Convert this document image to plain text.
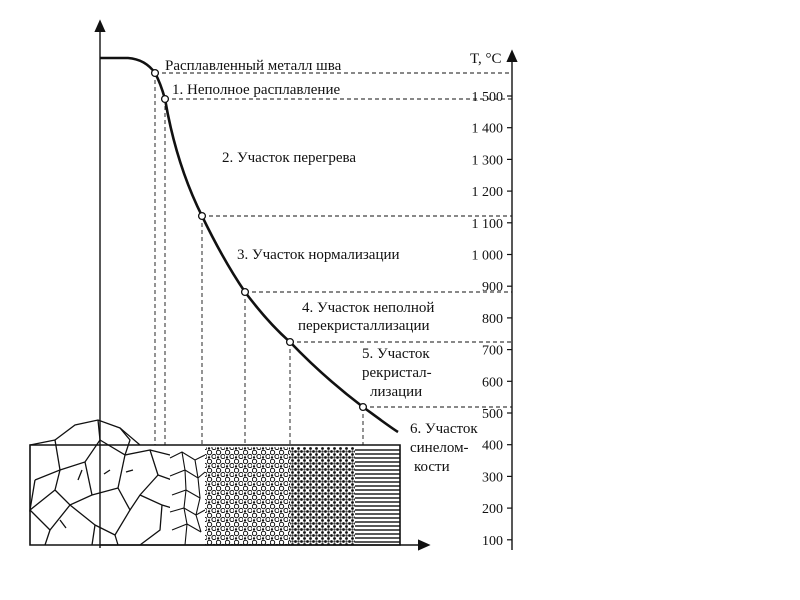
T, °C
1 500
1 400
1 300
1 200
1 100
1 000
900
800
700
600
500
400
300
200
100
Расплавленный металл шва
1. Неполное расплавление
2. Участок перегрева
3. Участок нормализации
4. Участок неполной
перекристаллизации
5. Участок
рекристал-
лизации
6. Участок
синелом-
кости
